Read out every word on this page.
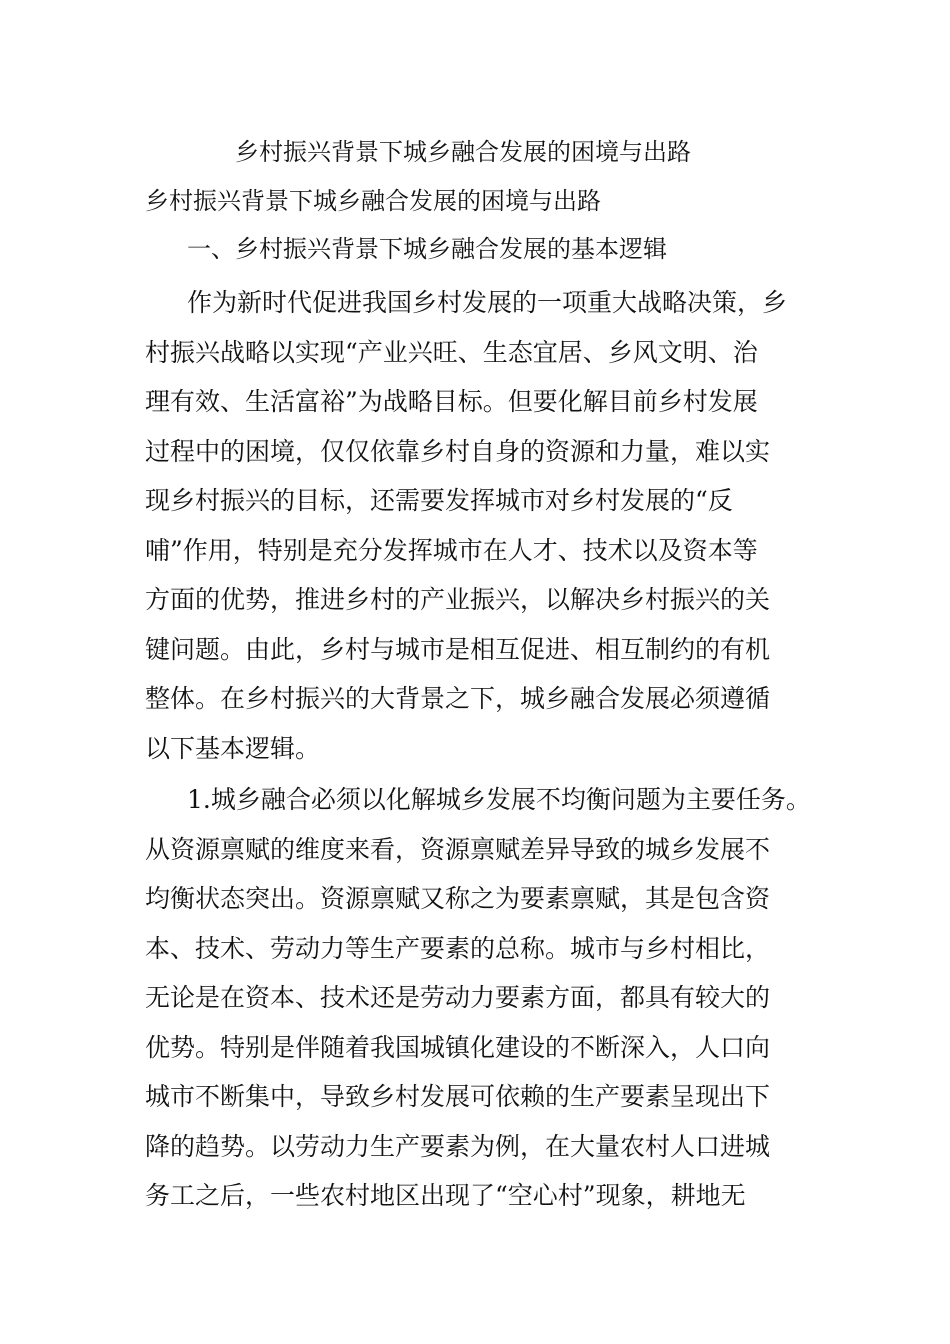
乡村振兴背景下城乡融合发展的困境与出路
乡村振兴背景下城乡融合发展的困境与出路
一、乡村振兴背景下城乡融合发展的基本逻辑
作为新时代促进我国乡村发展的一项重大战略决策，乡
村振兴战略以实现“产业兴旺、生态宜居、乡风文明、治
理有效、生活富裕”为战略目标。但要化解目前乡村发展
过程中的困境，仅仅依靠乡村自身的资源和力量，难以实
现乡村振兴的目标，还需要发挥城市对乡村发展的“反
哺”作用，特别是充分发挥城市在人才、技术以及资本等
方面的优势，推进乡村的产业振兴，以解决乡村振兴的关
键问题。由此，乡村与城市是相互促进、相互制约的有机
整体。在乡村振兴的大背景之下，城乡融合发展必须遵循
以下基本逻辑。
1.城乡融合必须以化解城乡发展不均衡问题为主要任务。
从资源禀赋的维度来看，资源禀赋差异导致的城乡发展不
均衡状态突出。资源禀赋又称之为要素禀赋，其是包含资
本、技术、劳动力等生产要素的总称。城市与乡村相比，
无论是在资本、技术还是劳动力要素方面，都具有较大的
优势。特别是伴随着我国城镇化建设的不断深入，人口向
城市不断集中，导致乡村发展可依赖的生产要素呈现出下
降的趋势。以劳动力生产要素为例，在大量农村人口进城
务工之后，一些农村地区出现了“空心村”现象，耕地无
